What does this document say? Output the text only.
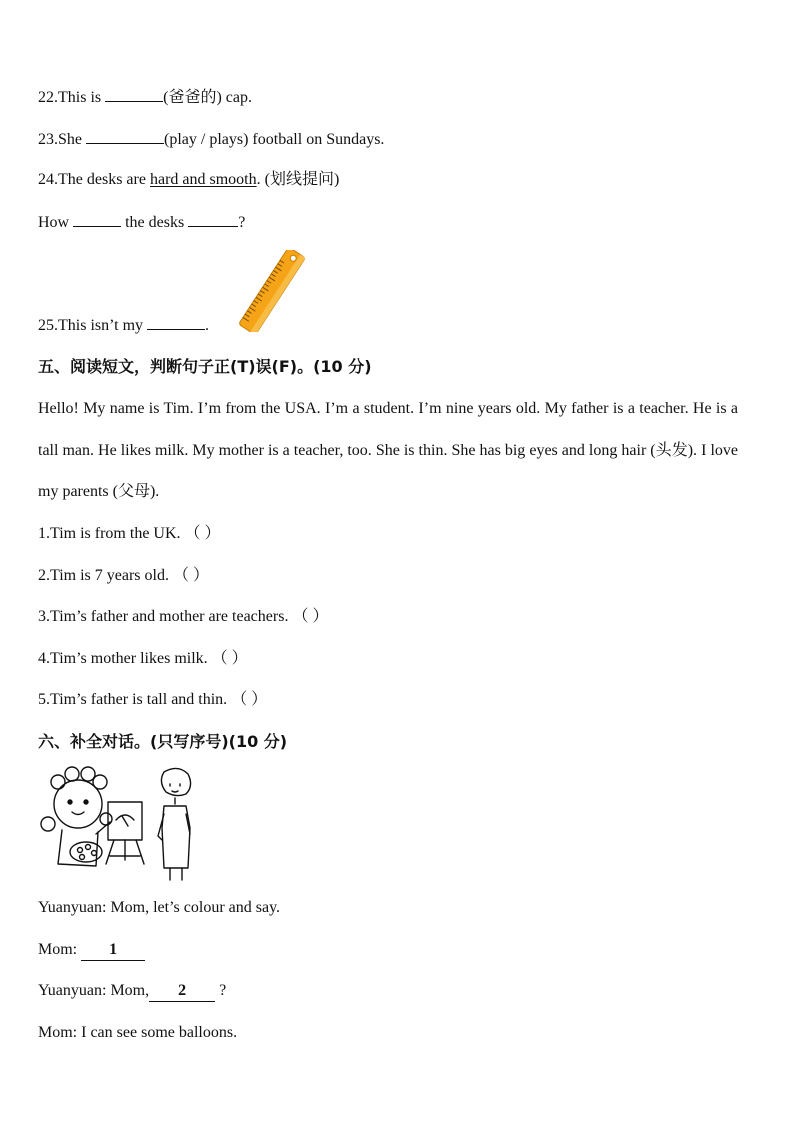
22.This is	(爸爸的) cap.
23.She	(play / plays) football on Sundays.
24.The desks are hard and smooth. (划线提问)
How	the desks	?
25.This isn’t my	.
五、阅读短文，判断句子正(T)误(F)。(10 分)
Hello! My name is Tim. I’m from the USA. I’m a student. I’m nine years old. My father is a teacher. He is a tall man. He likes milk. My mother is a teacher, too. She is thin. She has big eyes and long hair (头发). I love my parents (父母).
1.Tim is from the UK. （ ）
2.Tim is 7 years old. （ ）
3.Tim’s father and mother are teachers. （ ）
4.Tim’s mother likes milk. （ ）
5.Tim’s father is tall and thin. （ ）
六、补全对话。(只写序号)(10 分)
Yuanyuan: Mom, let’s colour and say.
Mom: 1
Yuanyuan: Mom, 2 ?
Mom: I can see some balloons.
